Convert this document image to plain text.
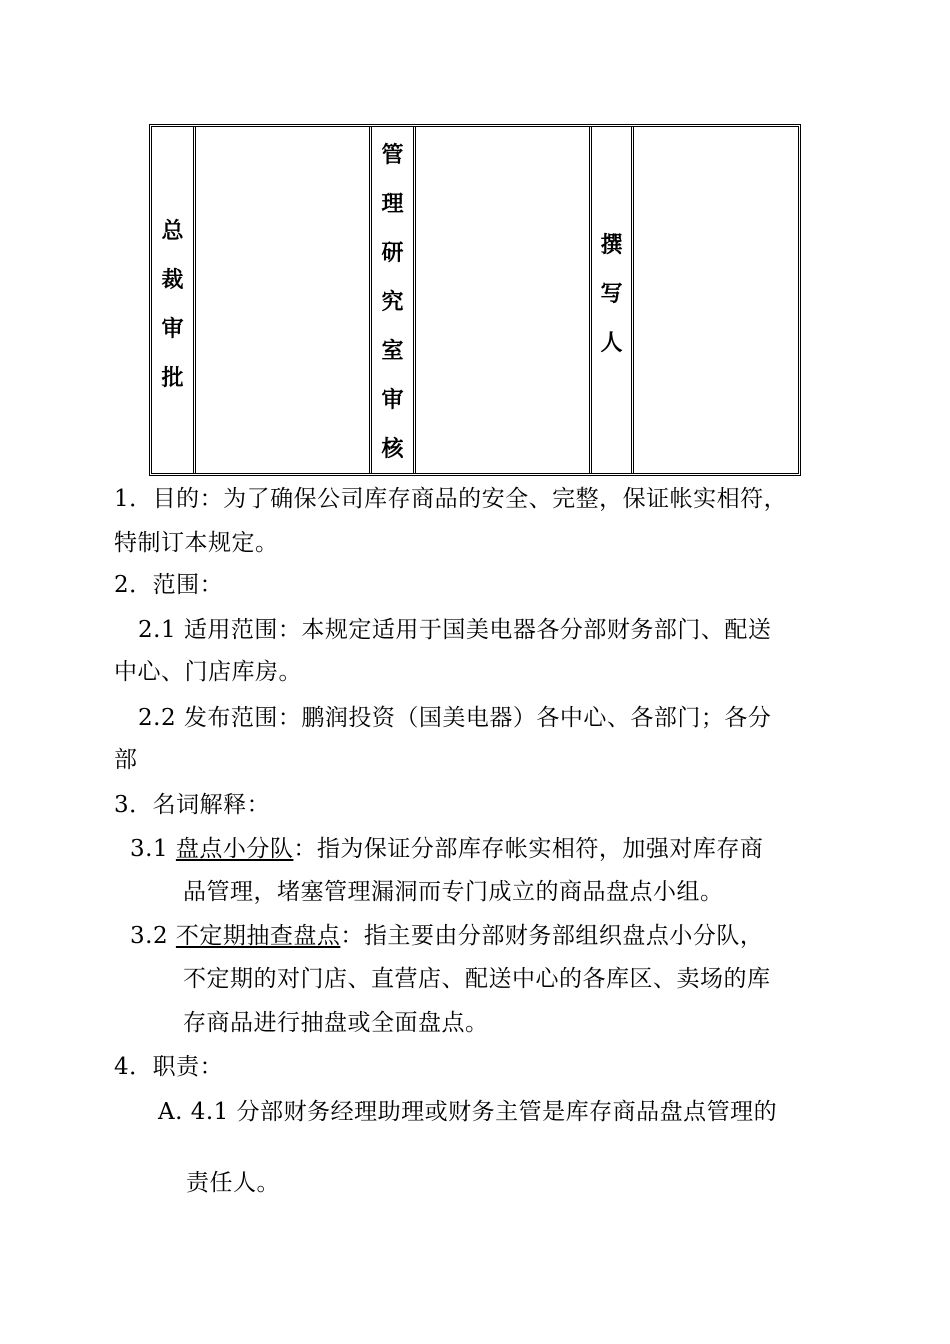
总
裁
审
批
管
理
研
究
室
审
核
撰
写
人
1．目的：为了确保公司库存商品的安全、完整，保证帐实相符，
特制订本规定。
2．范围：
2.1 适用范围：本规定适用于国美电器各分部财务部门、配送
中心、门店库房。
2.2 发布范围：鹏润投资（国美电器）各中心、各部门；各分
部
3．名词解释：
3.1 盘点小分队：指为保证分部库存帐实相符，加强对库存商
品管理，堵塞管理漏洞而专门成立的商品盘点小组。
3.2 不定期抽查盘点：指主要由分部财务部组织盘点小分队，
不定期的对门店、直营店、配送中心的各库区、卖场的库
存商品进行抽盘或全面盘点。
4．职责：
A. 4.1 分部财务经理助理或财务主管是库存商品盘点管理的
责任人。
